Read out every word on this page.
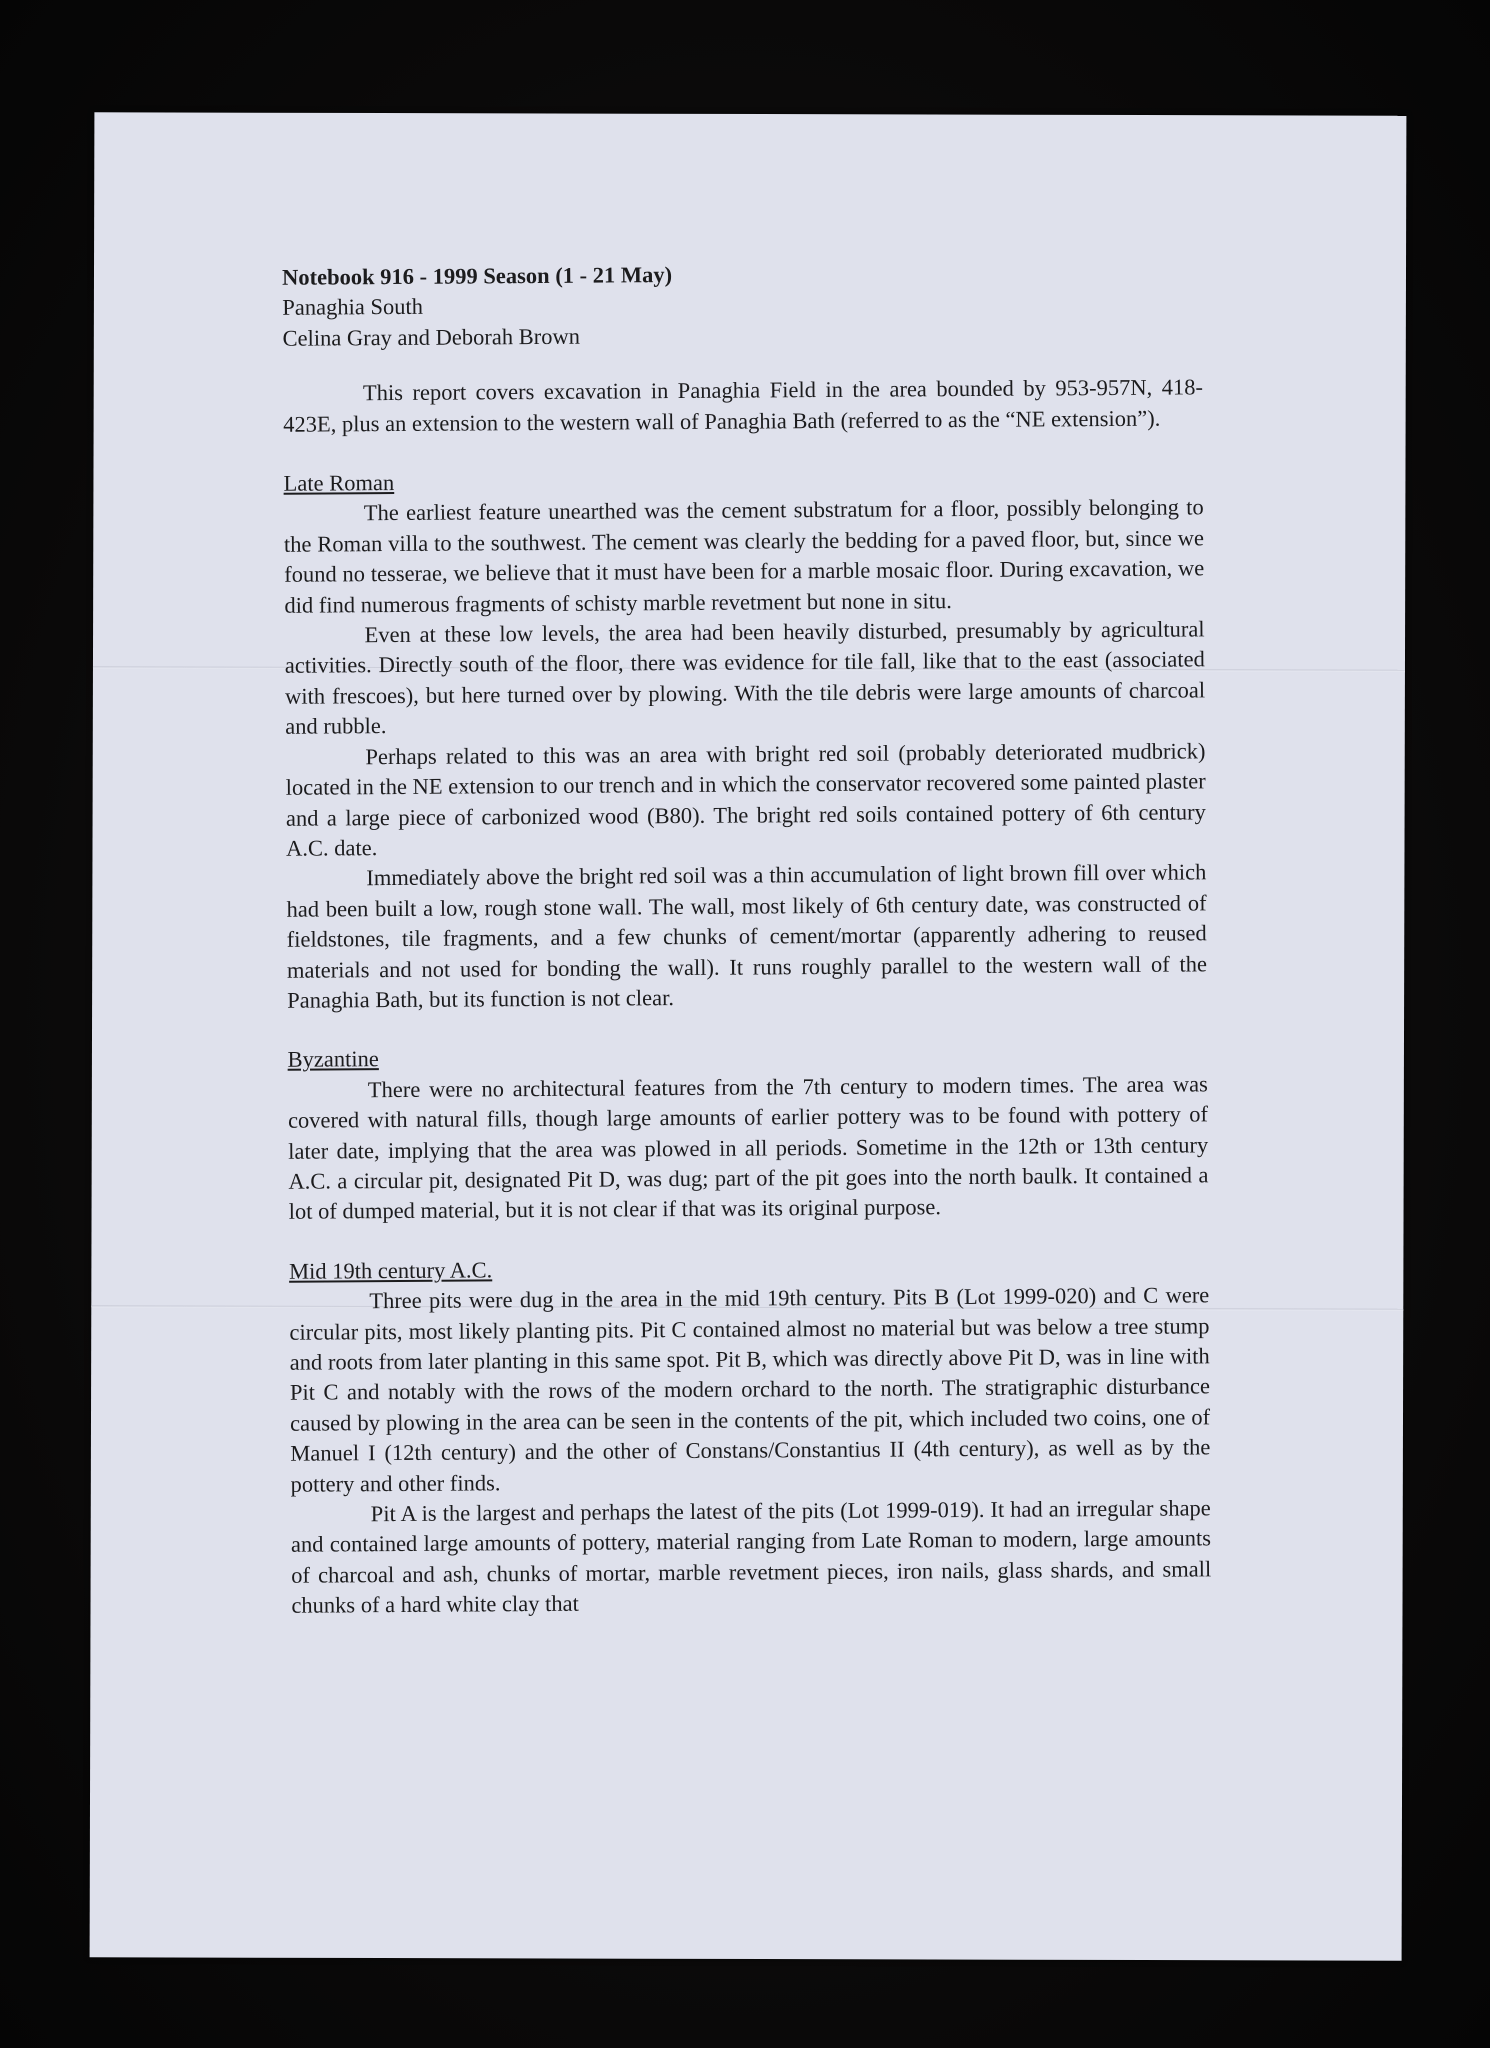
Notebook 916 - 1999 Season (1 - 21 May)
Panaghia South
Celina Gray and Deborah Brown

This report covers excavation in Panaghia Field in the area bounded by 953-957N, 418-423E, plus an extension to the western wall of Panaghia Bath (referred to as the “NE extension”).

Late Roman

The earliest feature unearthed was the cement substratum for a floor, possibly belonging to the Roman villa to the southwest. The cement was clearly the bedding for a paved floor, but, since we found no tesserae, we believe that it must have been for a marble mosaic floor. During excavation, we did find numerous fragments of schisty marble revetment but none in situ.

Even at these low levels, the area had been heavily disturbed, presumably by agricultural activities. Directly south of the floor, there was evidence for tile fall, like that to the east (associated with frescoes), but here turned over by plowing. With the tile debris were large amounts of charcoal and rubble.

Perhaps related to this was an area with bright red soil (probably deteriorated mudbrick) located in the NE extension to our trench and in which the conservator recovered some painted plaster and a large piece of carbonized wood (B80). The bright red soils contained pottery of 6th century A.C. date.

Immediately above the bright red soil was a thin accumulation of light brown fill over which had been built a low, rough stone wall. The wall, most likely of 6th century date, was constructed of fieldstones, tile fragments, and a few chunks of cement/mortar (apparently adhering to reused materials and not used for bonding the wall). It runs roughly parallel to the western wall of the Panaghia Bath, but its function is not clear.

Byzantine

There were no architectural features from the 7th century to modern times. The area was covered with natural fills, though large amounts of earlier pottery was to be found with pottery of later date, implying that the area was plowed in all periods. Sometime in the 12th or 13th century A.C. a circular pit, designated Pit D, was dug; part of the pit goes into the north baulk. It contained a lot of dumped material, but it is not clear if that was its original purpose.

Mid 19th century A.C.

Three pits were dug in the area in the mid 19th century. Pits B (Lot 1999-020) and C were circular pits, most likely planting pits. Pit C contained almost no material but was below a tree stump and roots from later planting in this same spot. Pit B, which was directly above Pit D, was in line with Pit C and notably with the rows of the modern orchard to the north. The stratigraphic disturbance caused by plowing in the area can be seen in the contents of the pit, which included two coins, one of Manuel I (12th century) and the other of Constans/Constantius II (4th century), as well as by the pottery and other finds.

Pit A is the largest and perhaps the latest of the pits (Lot 1999-019). It had an irregular shape and contained large amounts of pottery, material ranging from Late Roman to modern, large amounts of charcoal and ash, chunks of mortar, marble revetment pieces, iron nails, glass shards, and small chunks of a hard white clay that
